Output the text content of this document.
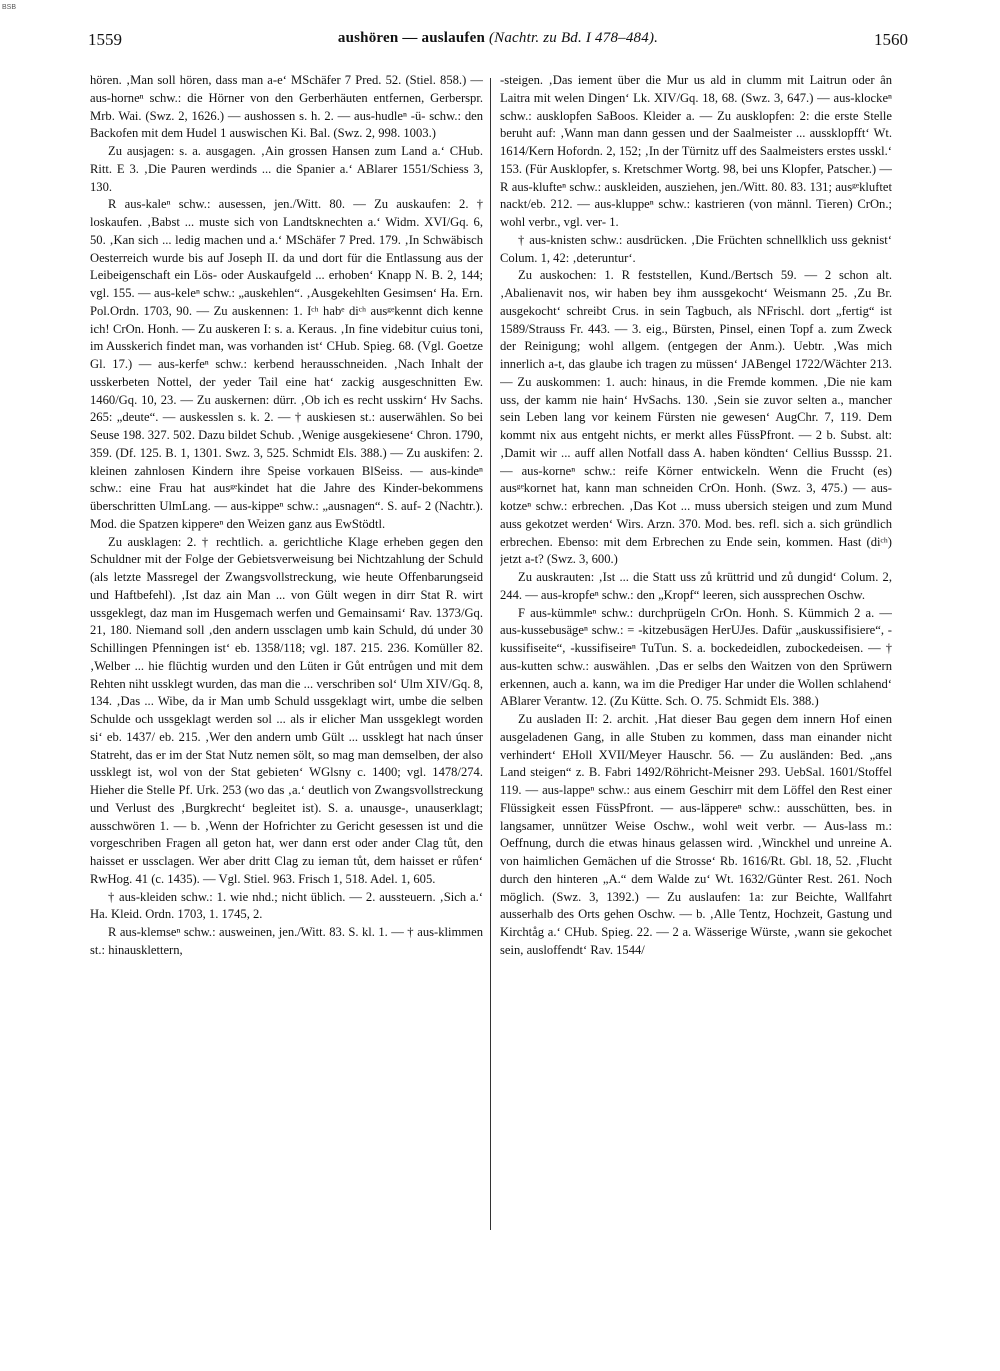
BSB
1559	aushören — auslaufen (Nachtr. zu Bd. I 478–484).	1560

hören. ‚Man soll hören, dass man a-e‘ MSchäfer 7 Pred. 52. (Stiel. 858.) — aus-horneⁿ schw.: die Hörner von den Gerberhäuten entfernen, Gerberspr. Mrb. Wai. (Swz. 2, 1626.) — aushossen s. h. 2. — aus-hudleⁿ -ü- schw.: den Backofen mit dem Hudel 1 auswischen Ki. Bal. (Swz. 2, 998. 1003.)

Zu ausjagen: s. a. ausgagen. ‚Ain grossen Hansen zum Land a.‘ CHub. Ritt. E 3. ‚Die Pauren werdinds ... die Spanier a.‘ ABlarer 1551/Schiess 3, 130.

R aus-kaleⁿ schw.: ausessen, jen./Witt. 80. — Zu auskaufen: 2. † loskaufen. ‚Babst ... muste sich von Landtsknechten a.‘ Widm. XVI/Gq. 6, 50. ‚Kan sich ... ledig machen und a.‘ MSchäfer 7 Pred. 179. ‚In Schwäbisch Oesterreich wurde bis auf Joseph II. da und dort für die Entlassung aus der Leibeigenschaft ein Lös- oder Auskaufgeld ... erhoben‘ Knapp N. B. 2, 144; vgl. 155. — aus-keleⁿ schw.: „auskehlen“. ‚Ausgekehlten Gesimsen‘ Ha. Ern. Pol.Ordn. 1703, 90. — Zu auskennen: 1. Iᶜʰ habᵉ diᶜʰ ausᵍᵉkennt dich kenne ich! CrOn. Honh. — Zu auskeren I: s. a. Keraus. ‚In fine videbitur cuius toni, im Ausskerich findet man, was vorhanden ist‘ CHub. Spieg. 68. (Vgl. Goetze Gl. 17.) — aus-kerfeⁿ schw.: kerbend herausschneiden. ‚Nach Inhalt der usskerbeten Nottel, der yeder Tail eine hat‘ zackig ausgeschnitten Ew. 1460/Gq. 10, 23. — Zu auskernen: dürr. ‚Ob ich es recht usskirn‘ Hv Sachs. 265: „deute“. — auskesslen s. k. 2. — † auskiesen st.: auserwählen. So bei Seuse 198. 327. 502. Dazu bildet Schub. ‚Wenige ausgekiesene‘ Chron. 1790, 359. (Df. 125. B. 1, 1301. Swz. 3, 525. Schmidt Els. 388.) — Zu auskifen: 2. kleinen zahnlosen Kindern ihre Speise vorkauen BlSeiss. — aus-kindeⁿ schw.: eine Frau hat ausᵍᵉkindet hat die Jahre des Kinder-bekommens überschritten UlmLang. — aus-kippeⁿ schw.: „ausnagen“. S. auf- 2 (Nachtr.). Mod. die Spatzen kippereⁿ den Weizen ganz aus EwStödtl.

Zu ausklagen: 2. † rechtlich. a. gerichtliche Klage erheben gegen den Schuldner mit der Folge der Gebietsverweisung bei Nichtzahlung der Schuld (als letzte Massregel der Zwangsvollstreckung, wie heute Offenbarungseid und Haftbefehl). ‚Ist daz ain Man ... von Gült wegen in dirr Stat R. wirt ussgeklegt, daz man im Husgemach werfen und Gemainsami‘ Rav. 1373/Gq. 21, 180. Niemand soll ‚den andern ussclagen umb kain Schuld, dú under 30 Schillingen Pfenningen ist‘ eb. 1358/118; vgl. 187. 215. 236. Komüller 82. ‚Welber ... hie flüchtig wurden und den Lüten ir Gůt entrůgen und mit dem Rehten niht ussklegt wurden, das man die ... verschriben sol‘ Ulm XIV/Gq. 8, 134. ‚Das ... Wibe, da ir Man umb Schuld ussgeklagt wirt, umbe die selben Schulde och ussgeklagt werden sol ... als ir elicher Man ussgeklegt worden si‘ eb. 1437/ eb. 215. ‚Wer den andern umb Gült ... ussklegt hat nach únser Statreht, das er im der Stat Nutz nemen sölt, so mag man demselben, der also ussklegt ist, wol von der Stat gebieten‘ WGlsny c. 1400; vgl. 1478/274. Hieher die Stelle Pf. Urk. 253 (wo das ‚a.‘ deutlich von Zwangsvollstreckung und Verlust des ‚Burgkrecht‘ begleitet ist). S. a. unausge-, unauserklagt; ausschwören 1. — b. ‚Wenn der Hofrichter zu Gericht gesessen ist und die vorgeschriben Fragen all geton hat, wer dann erst oder ander Clag tůt, den haisset er ussclagen. Wer aber dritt Clag zu ieman tůt, dem haisset er růfen‘ RwHog. 41 (c. 1435). — Vgl. Stiel. 963. Frisch 1, 518. Adel. 1, 605.

† aus-kleiden schw.: 1. wie nhd.; nicht üblich. — 2. aussteuern. ‚Sich a.‘ Ha. Kleid. Ordn. 1703, 1. 1745, 2.

R aus-klemseⁿ schw.: ausweinen, jen./Witt. 83. S. kl. 1. — † aus-klimmen st.: hinausklettern,

-steigen. ‚Das iement über die Mur us ald in clumm mit Laitrun oder ân Laitra mit welen Dingen‘ Lk. XIV/Gq. 18, 68. (Swz. 3, 647.) — aus-klockeⁿ schw.: ausklopfen SaBoos. Kleider a. — Zu ausklopfen: 2: die erste Stelle beruht auf: ‚Wann man dann gessen und der Saalmeister ... aussklopfft‘ Wt. 1614/Kern Hofordn. 2, 152; ‚In der Türnitz uff des Saalmeisters erstes usskl.‘ 153. (Für Ausklopfer, s. Kretschmer Wortg. 98, bei uns Klopfer, Patscher.) — R aus-klufteⁿ schw.: auskleiden, ausziehen, jen./Witt. 80. 83. 131; ausᵍᵉkluftet nackt/eb. 212. — aus-kluppeⁿ schw.: kastrieren (von männl. Tieren) CrOn.; wohl verbr., vgl. ver- 1.

† aus-knisten schw.: ausdrücken. ‚Die Früchten schnellklich uss geknist‘ Colum. 1, 42: ‚deteruntur‘.

Zu auskochen: 1. R feststellen, Kund./Bertsch 59. — 2 schon alt. ‚Abalienavit nos, wir haben bey ihm aussgekocht‘ Weismann 25. ‚Zu Br. ausgekocht‘ schreibt Crus. in sein Tagbuch, als NFrischl. dort „fertig“ ist 1589/Strauss Fr. 443. — 3. eig., Bürsten, Pinsel, einen Topf a. zum Zweck der Reinigung; wohl allgem. (entgegen der Anm.). Uebtr. ‚Was mich innerlich a-t, das glaube ich tragen zu müssen‘ JABengel 1722/Wächter 213. — Zu auskommen: 1. auch: hinaus, in die Fremde kommen. ‚Die nie kam uss, der kamm nie hain‘ HvSachs. 130. ‚Sein sie zuvor selten a., mancher sein Leben lang vor keinem Fürsten nie gewesen‘ AugChr. 7, 119. Dem kommt nix aus entgeht nichts, er merkt alles FüssPfront. — 2 b. Subst. alt: ‚Damit wir ... auff allen Notfall dass A. haben köndten‘ Cellius Busssp. 21. — aus-korneⁿ schw.: reife Körner entwickeln. Wenn die Frucht (es) ausᵍᵉkornet hat, kann man schneiden CrOn. Honh. (Swz. 3, 475.) — aus-kotzeⁿ schw.: erbrechen. ‚Das Kot ... muss ubersich steigen und zum Mund auss gekotzet werden‘ Wirs. Arzn. 370. Mod. bes. refl. sich a. sich gründlich erbrechen. Ebenso: mit dem Erbrechen zu Ende sein, kommen. Hast (diᶜʰ) jetzt a-t? (Swz. 3, 600.)

Zu auskrauten: ‚Ist ... die Statt uss zů krüttrid und zů dungid‘ Colum. 2, 244. — aus-kropfeⁿ schw.: den „Kropf“ leeren, sich aussprechen Oschw.

F aus-kümmleⁿ schw.: durchprügeln CrOn. Honh. S. Kümmich 2 a. — aus-kussebusägeⁿ schw.: = -kitzebusägen HerUJes. Dafür „auskussifisiere“, -kussifiseite“, -kussifiseireⁿ TuTun. S. a. bockedeidlen, zubockedeisen. — † aus-kutten schw.: auswählen. ‚Das er selbs den Waitzen von den Sprüwern erkennen, auch a. kann, wa im die Prediger Har under die Wollen schlahend‘ ABlarer Verantw. 12. (Zu Kütte. Sch. O. 75. Schmidt Els. 388.)

Zu ausladen II: 2. archit. ‚Hat dieser Bau gegen dem innern Hof einen ausgeladenen Gang, in alle Stuben zu kommen, dass man einander nicht verhindert‘ EHoll XVII/Meyer Hauschr. 56. — Zu ausländen: Bed. „ans Land steigen“ z. B. Fabri 1492/Röhricht-Meisner 293. UebSal. 1601/Stoffel 119. — aus-lappeⁿ schw.: aus einem Geschirr mit dem Löffel den Rest einer Flüssigkeit essen FüssPfront. — aus-läppereⁿ schw.: ausschütten, bes. in langsamer, unnützer Weise Oschw., wohl weit verbr. — Aus-lass m.: Oeffnung, durch die etwas hinaus gelassen wird. ‚Winckhel und unreine A. von haimlichen Gemächen uf die Strosse‘ Rb. 1616/Rt. Gbl. 18, 52. ‚Flucht durch den hinteren „A.“ dem Walde zu‘ Wt. 1632/Günter Rest. 261. Noch möglich. (Swz. 3, 1392.) — Zu auslaufen: 1a: zur Beichte, Wallfahrt ausserhalb des Orts gehen Oschw. — b. ‚Alle Tentz, Hochzeit, Gastung und Kirchtåg a.‘ CHub. Spieg. 22. — 2 a. Wässerige Würste, ‚wann sie gekochet sein, ausloffendt‘ Rav. 1544/
